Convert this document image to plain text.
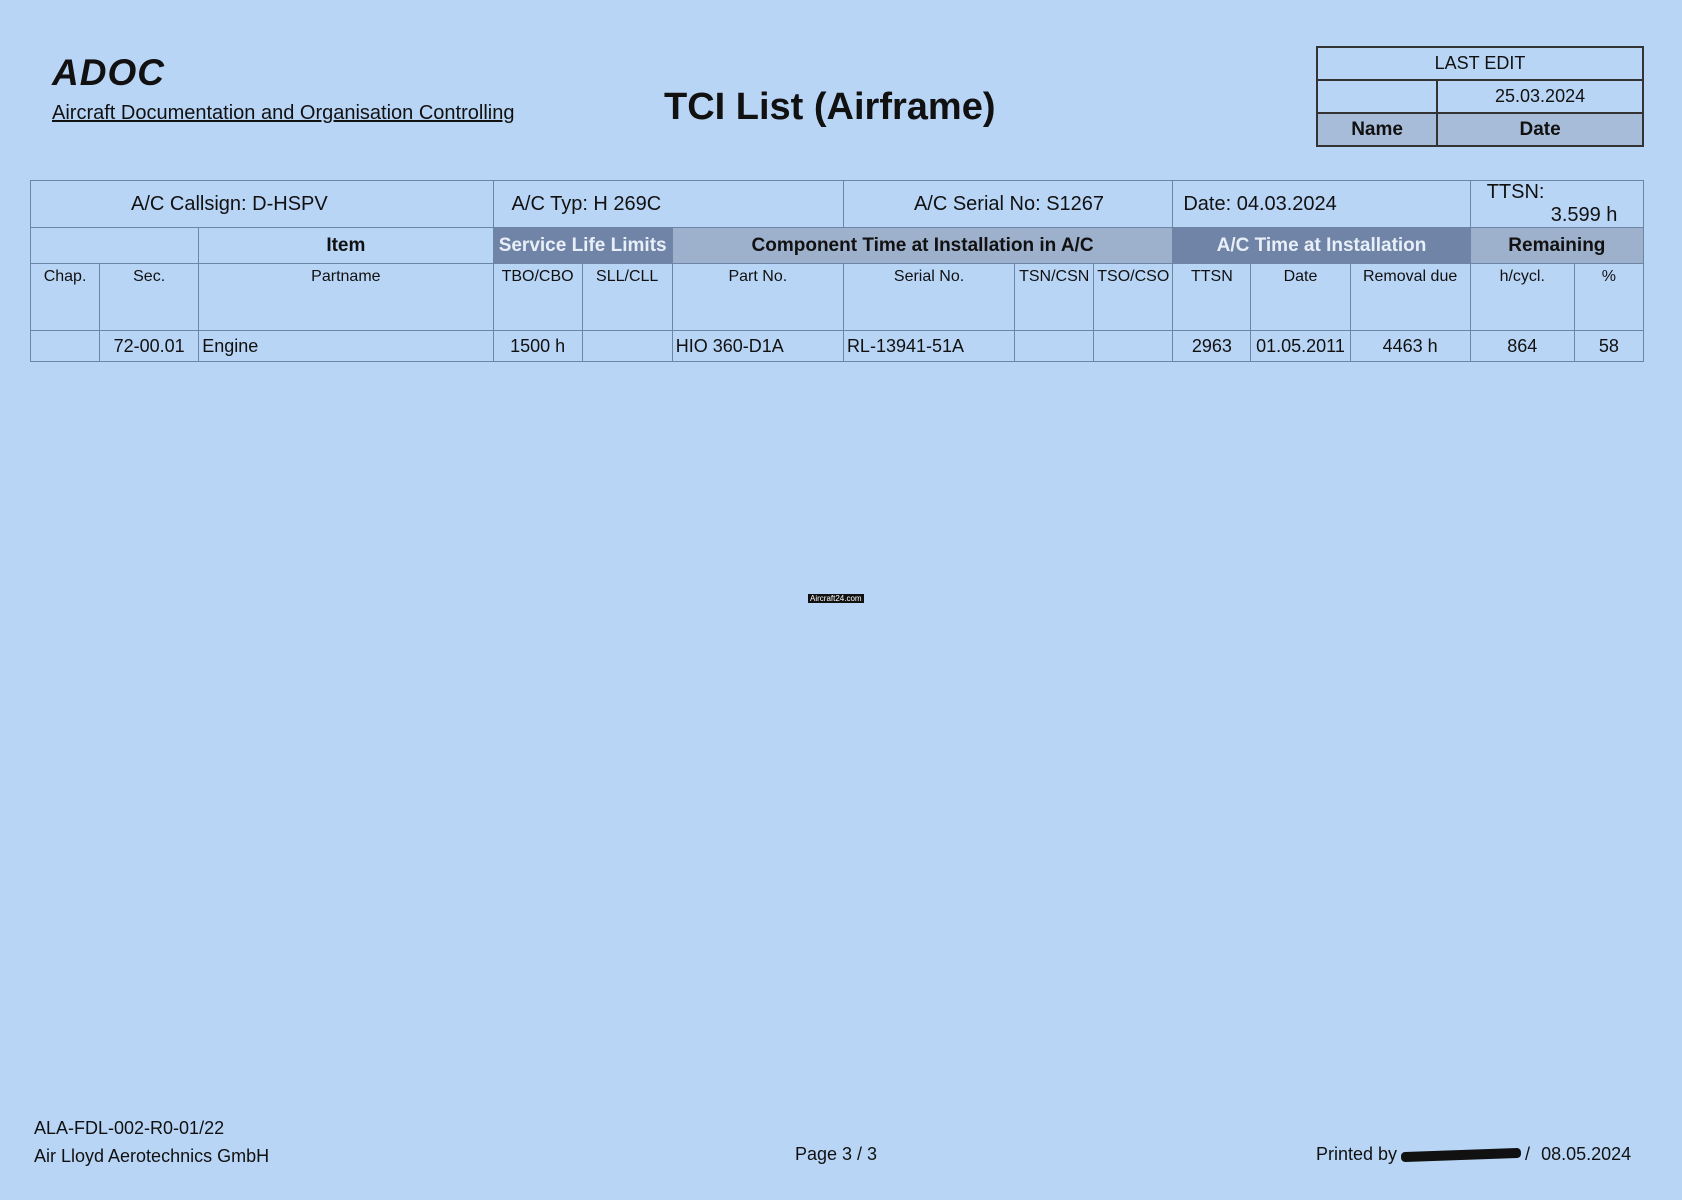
ADOC
Aircraft Documentation and Organisation Controlling	TCI List (Airframe)
LAST EDIT	
	25.03.2024
Name	Date
A/C Callsign: D-HSPV			A/C Typ: H 269C			A/C Serial No: S1267			Date: 04.03.2024			TTSN: 3.599 h	
		Item	Service Life Limits		Component Time at Installation in A/C				A/C Time at Installation			Remaining	
Chap.	Sec.	Partname	TBO/CBO	SLL/CLL	Part No.	Serial No.	TSN/CSN	TSO/CSO	TTSN	Date	Removal due	h/cycl.	%
	72-00.01	Engine	1500 h		HIO 360-D1A	RL-13941-51A			2963	01.05.2011	4463 h	864	58
Aircraft24.com
ALA-FDL-002-R0-01/22
Air Lloyd Aerotechnics GmbH	Page 3 / 3	Printed by	/ 08.05.2024
